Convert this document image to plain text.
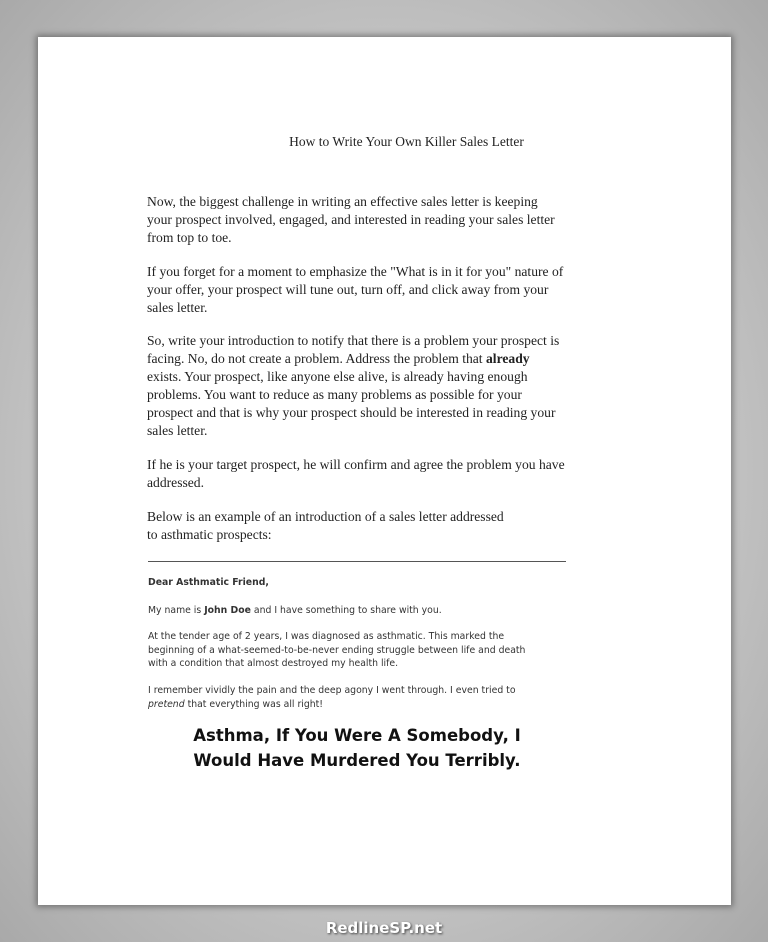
How to Write Your Own Killer Sales Letter
Now, the biggest challenge in writing an effective sales letter is keeping
your prospect involved, engaged, and interested in reading your sales letter
from top to toe.
If you forget for a moment to emphasize the "What is in it for you" nature of
your offer, your prospect will tune out, turn off, and click away from your
sales letter.
So, write your introduction to notify that there is a problem your prospect is
facing. No, do not create a problem. Address the problem that already
exists. Your prospect, like anyone else alive, is already having enough
problems. You want to reduce as many problems as possible for your
prospect and that is why your prospect should be interested in reading your
sales letter.
If he is your target prospect, he will confirm and agree the problem you have
addressed.
Below is an example of an introduction of a sales letter addressed
to asthmatic prospects:
Dear Asthmatic Friend,
My name is John Doe and I have something to share with you.
At the tender age of 2 years, I was diagnosed as asthmatic. This marked the
beginning of a what-seemed-to-be-never ending struggle between life and death
with a condition that almost destroyed my health life.
I remember vividly the pain and the deep agony I went through. I even tried to
pretend that everything was all right!
Asthma, If You Were A Somebody, I
Would Have Murdered You Terribly.
RedlineSP.net
